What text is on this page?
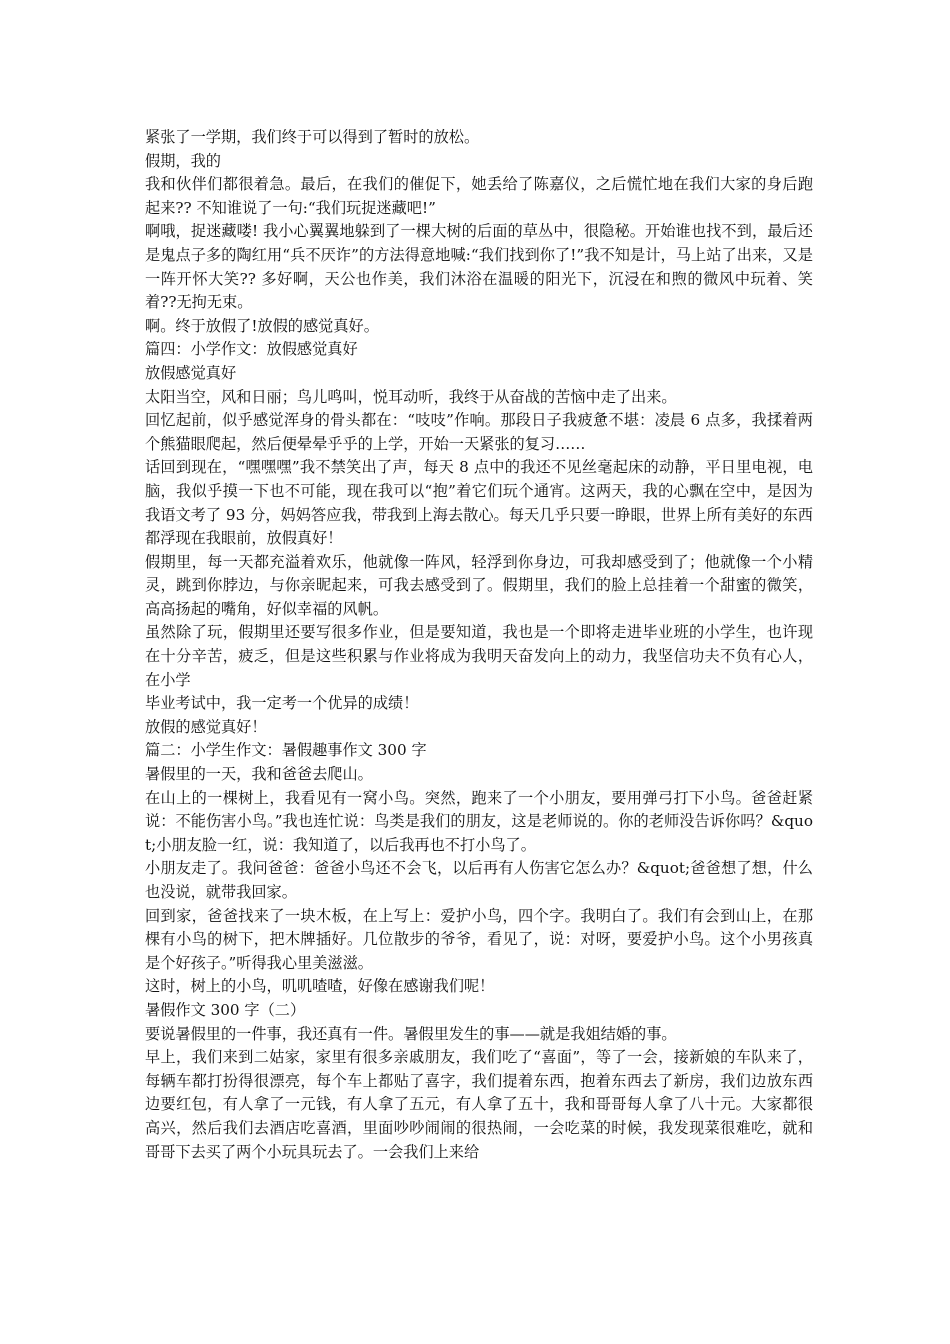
紧张了一学期，我们终于可以得到了暂时的放松。

假期，我的

我和伙伴们都很着急。最后，在我们的催促下，她丢给了陈嘉仪，之后慌忙地在我们大家的身后跑起来?? 不知谁说了一句:“我们玩捉迷藏吧!”

啊哦，捉迷藏喽! 我小心翼翼地躲到了一棵大树的后面的草丛中，很隐秘。开始谁也找不到，最后还是鬼点子多的陶红用“兵不厌诈”的方法得意地喊:“我们找到你了!”我不知是计，马上站了出来，又是一阵开怀大笑?? 多好啊，天公也作美，我们沐浴在温暖的阳光下，沉浸在和煦的微风中玩着、笑着??无拘无束。

啊。终于放假了!放假的感觉真好。

篇四：小学作文：放假感觉真好

放假感觉真好

太阳当空，风和日丽；鸟儿鸣叫，悦耳动听，我终于从奋战的苦恼中走了出来。

回忆起前，似乎感觉浑身的骨头都在：“吱吱”作响。那段日子我疲惫不堪：凌晨 6 点多，我揉着两个熊猫眼爬起，然后便晕晕乎乎的上学，开始一天紧张的复习……

话回到现在，“嘿嘿嘿”我不禁笑出了声，每天 8 点中的我还不见丝毫起床的动静，平日里电视，电脑，我似乎摸一下也不可能，现在我可以“抱”着它们玩个通宵。这两天，我的心飘在空中，是因为我语文考了 93 分，妈妈答应我，带我到上海去散心。每天几乎只要一睁眼，世界上所有美好的东西都浮现在我眼前，放假真好！

假期里，每一天都充溢着欢乐，他就像一阵风，轻浮到你身边，可我却感受到了；他就像一个小精灵，跳到你脖边，与你亲昵起来，可我去感受到了。假期里，我们的脸上总挂着一个甜蜜的微笑，高高扬起的嘴角，好似幸福的风帆。

虽然除了玩，假期里还要写很多作业，但是要知道，我也是一个即将走进毕业班的小学生，也许现在十分辛苦，疲乏，但是这些积累与作业将成为我明天奋发向上的动力，我坚信功夫不负有心人，在小学

毕业考试中，我一定考一个优异的成绩！

放假的感觉真好！

篇二：小学生作文：暑假趣事作文 300 字

暑假里的一天，我和爸爸去爬山。

在山上的一棵树上，我看见有一窝小鸟。突然，跑来了一个小朋友，要用弹弓打下小鸟。爸爸赶紧说：不能伤害小鸟。”我也连忙说：鸟类是我们的朋友，这是老师说的。你的老师没告诉你吗？&quot;小朋友脸一红，说：我知道了，以后我再也不打小鸟了。

小朋友走了。我问爸爸：爸爸小鸟还不会飞，以后再有人伤害它怎么办？&quot;爸爸想了想，什么也没说，就带我回家。

回到家，爸爸找来了一块木板，在上写上：爱护小鸟，四个字。我明白了。我们有会到山上，在那棵有小鸟的树下，把木牌插好。几位散步的爷爷，看见了，说：对呀，要爱护小鸟。这个小男孩真是个好孩子。”听得我心里美滋滋。

这时，树上的小鸟，叽叽喳喳，好像在感谢我们呢！

暑假作文 300 字（二）

要说暑假里的一件事，我还真有一件。暑假里发生的事——就是我姐结婚的事。

早上，我们来到二姑家，家里有很多亲戚朋友，我们吃了“喜面”，等了一会，接新娘的车队来了，每辆车都打扮得很漂亮，每个车上都贴了喜字，我们提着东西，抱着东西去了新房，我们边放东西边要红包，有人拿了一元钱，有人拿了五元，有人拿了五十，我和哥哥每人拿了八十元。大家都很高兴，然后我们去酒店吃喜酒，里面吵吵闹闹的很热闹，一会吃菜的时候，我发现菜很难吃，就和哥哥下去买了两个小玩具玩去了。一会我们上来给
